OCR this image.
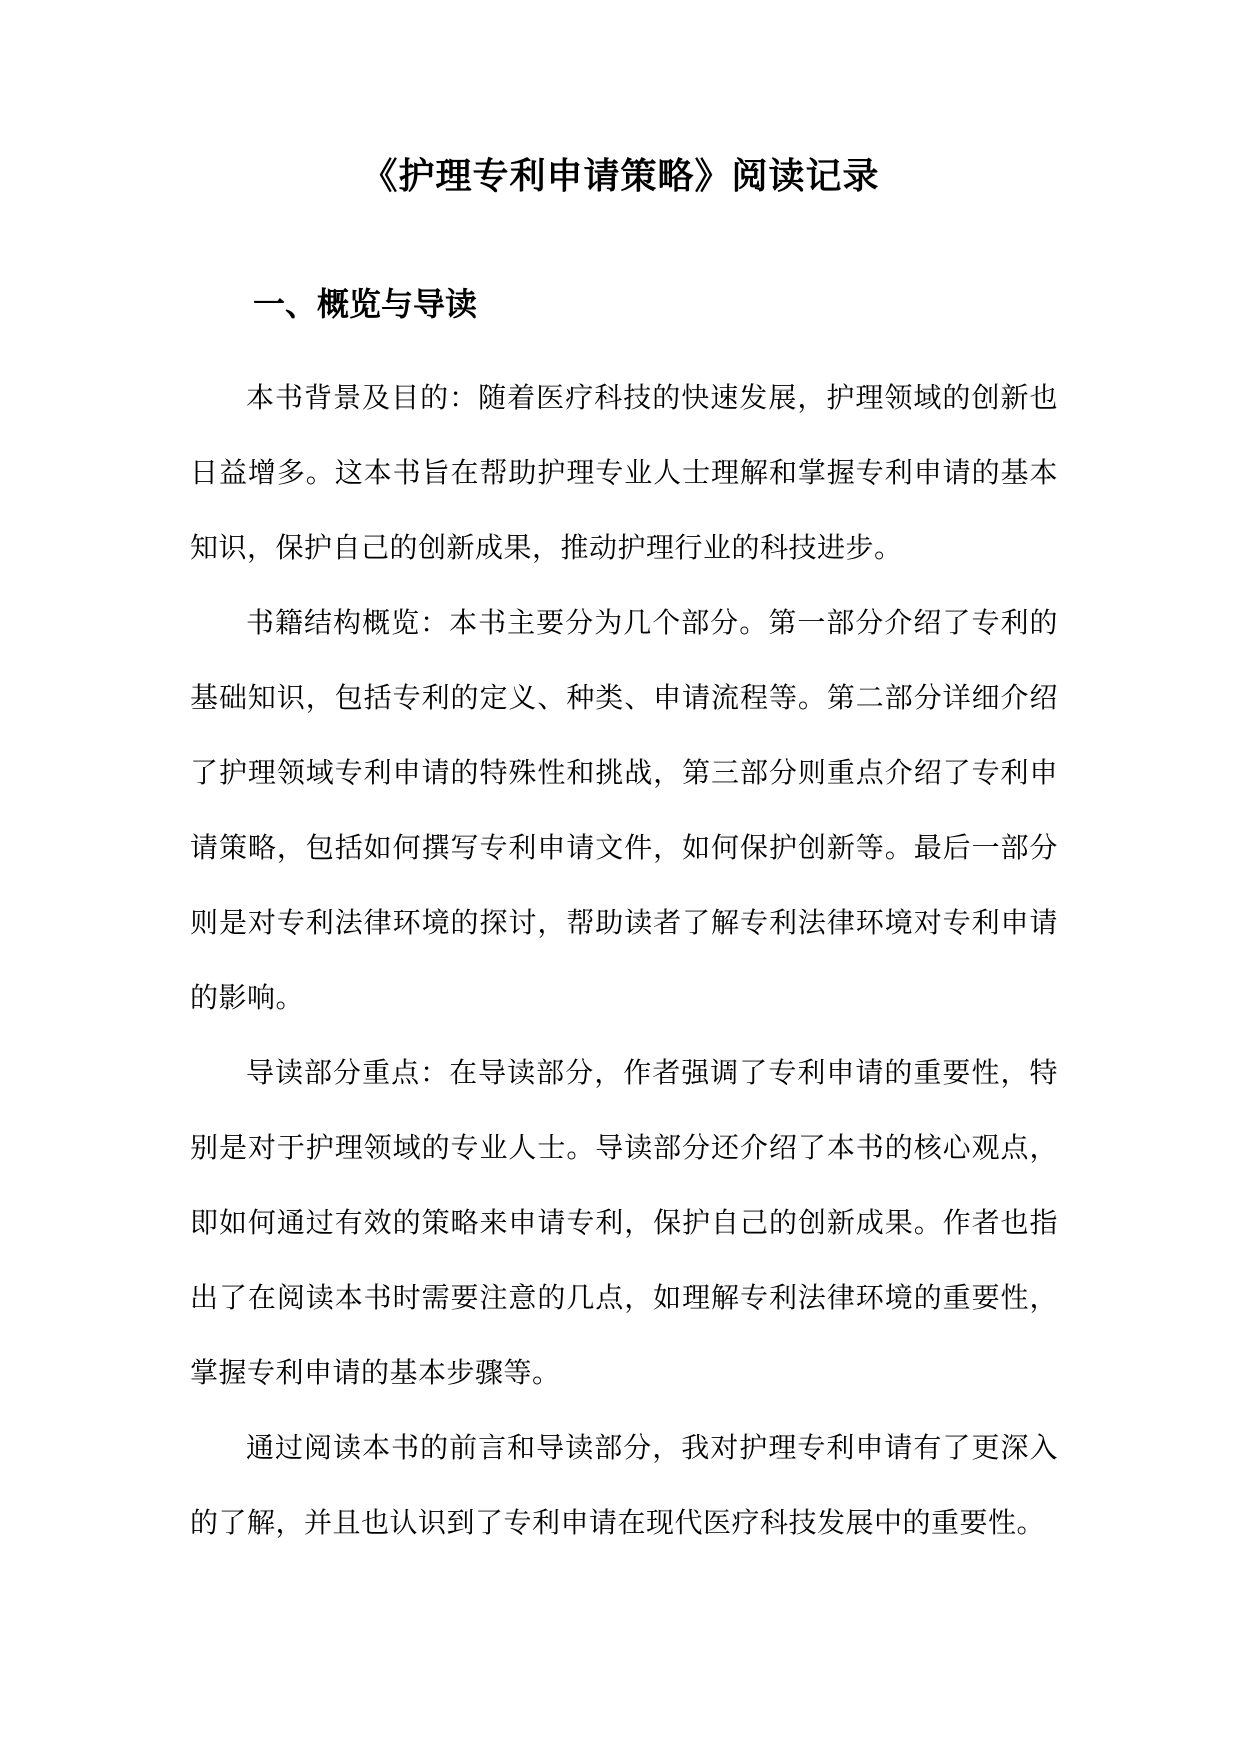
《护理专利申请策略》阅读记录
一、概览与导读

本书背景及目的：随着医疗科技的快速发展，护理领域的创新也日益增多。这本书旨在帮助护理专业人士理解和掌握专利申请的基本知识，保护自己的创新成果，推动护理行业的科技进步。

书籍结构概览：本书主要分为几个部分。第一部分介绍了专利的基础知识，包括专利的定义、种类、申请流程等。第二部分详细介绍了护理领域专利申请的特殊性和挑战，第三部分则重点介绍了专利申请策略，包括如何撰写专利申请文件，如何保护创新等。最后一部分则是对专利法律环境的探讨，帮助读者了解专利法律环境对专利申请的影响。

导读部分重点：在导读部分，作者强调了专利申请的重要性，特别是对于护理领域的专业人士。导读部分还介绍了本书的核心观点，即如何通过有效的策略来申请专利，保护自己的创新成果。作者也指出了在阅读本书时需要注意的几点，如理解专利法律环境的重要性，掌握专利申请的基本步骤等。

通过阅读本书的前言和导读部分，我对护理专利申请有了更深入的了解，并且也认识到了专利申请在现代医疗科技发展中的重要性。
